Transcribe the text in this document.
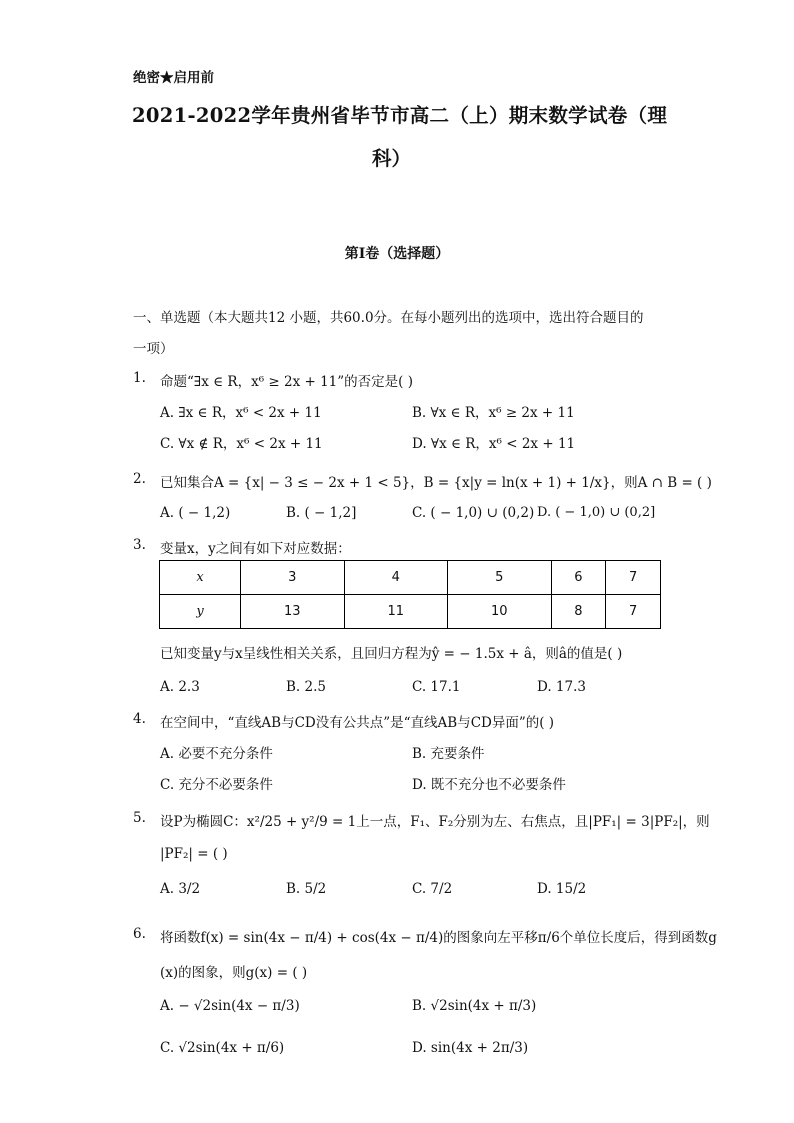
绝密★启用前
2021-2022学年贵州省毕节市高二（上）期末数学试卷（理
科）
第I卷（选择题）
一、单选题（本大题共12 小题，共60.0分。在每小题列出的选项中，选出符合题目的
一项）
1. 命题“∃x ∈ R，x⁶ ≥ 2x + 11”的否定是( )
A. ∃x ∈ R，x⁶ < 2x + 11	B. ∀x ∈ R，x⁶ ≥ 2x + 11
C. ∀x ∉ R，x⁶ < 2x + 11	D. ∀x ∈ R，x⁶ < 2x + 11
2. 已知集合A = {x| − 3 ≤ − 2x + 1 < 5}，B = {x|y = ln(x + 1) + 1/x}，则A ∩ B = ( )
A. ( − 1,2)	B. ( − 1,2]	C. ( − 1,0) ∪ (0,2) D. ( − 1,0) ∪ (0,2]
3. 变量x，y之间有如下对应数据：
x	3	4	5	6	7
y	13	11	10	8	7
已知变量y与x呈线性相关关系，且回归方程为ŷ = − 1.5x + â，则â的值是( )
A. 2.3	B. 2.5	C. 17.1	D. 17.3
4. 在空间中，“直线AB与CD没有公共点”是“直线AB与CD异面”的( )
A. 必要不充分条件	B. 充要条件
C. 充分不必要条件	D. 既不充分也不必要条件
5. 设P为椭圆C：x²/25 + y²/9 = 1上一点，F₁、F₂分别为左、右焦点，且|PF₁| = 3|PF₂|，则
|PF₂| = ( )
A. 3/2	B. 5/2	C. 7/2	D. 15/2
6. 将函数f(x) = sin(4x − π/4) + cos(4x − π/4)的图象向左平移π/6个单位长度后，得到函数g
(x)的图象，则g(x) = ( )
A. − √2sin(4x − π/3)	B. √2sin(4x + π/3)
C. √2sin(4x + π/6)	D. sin(4x + 2π/3)
